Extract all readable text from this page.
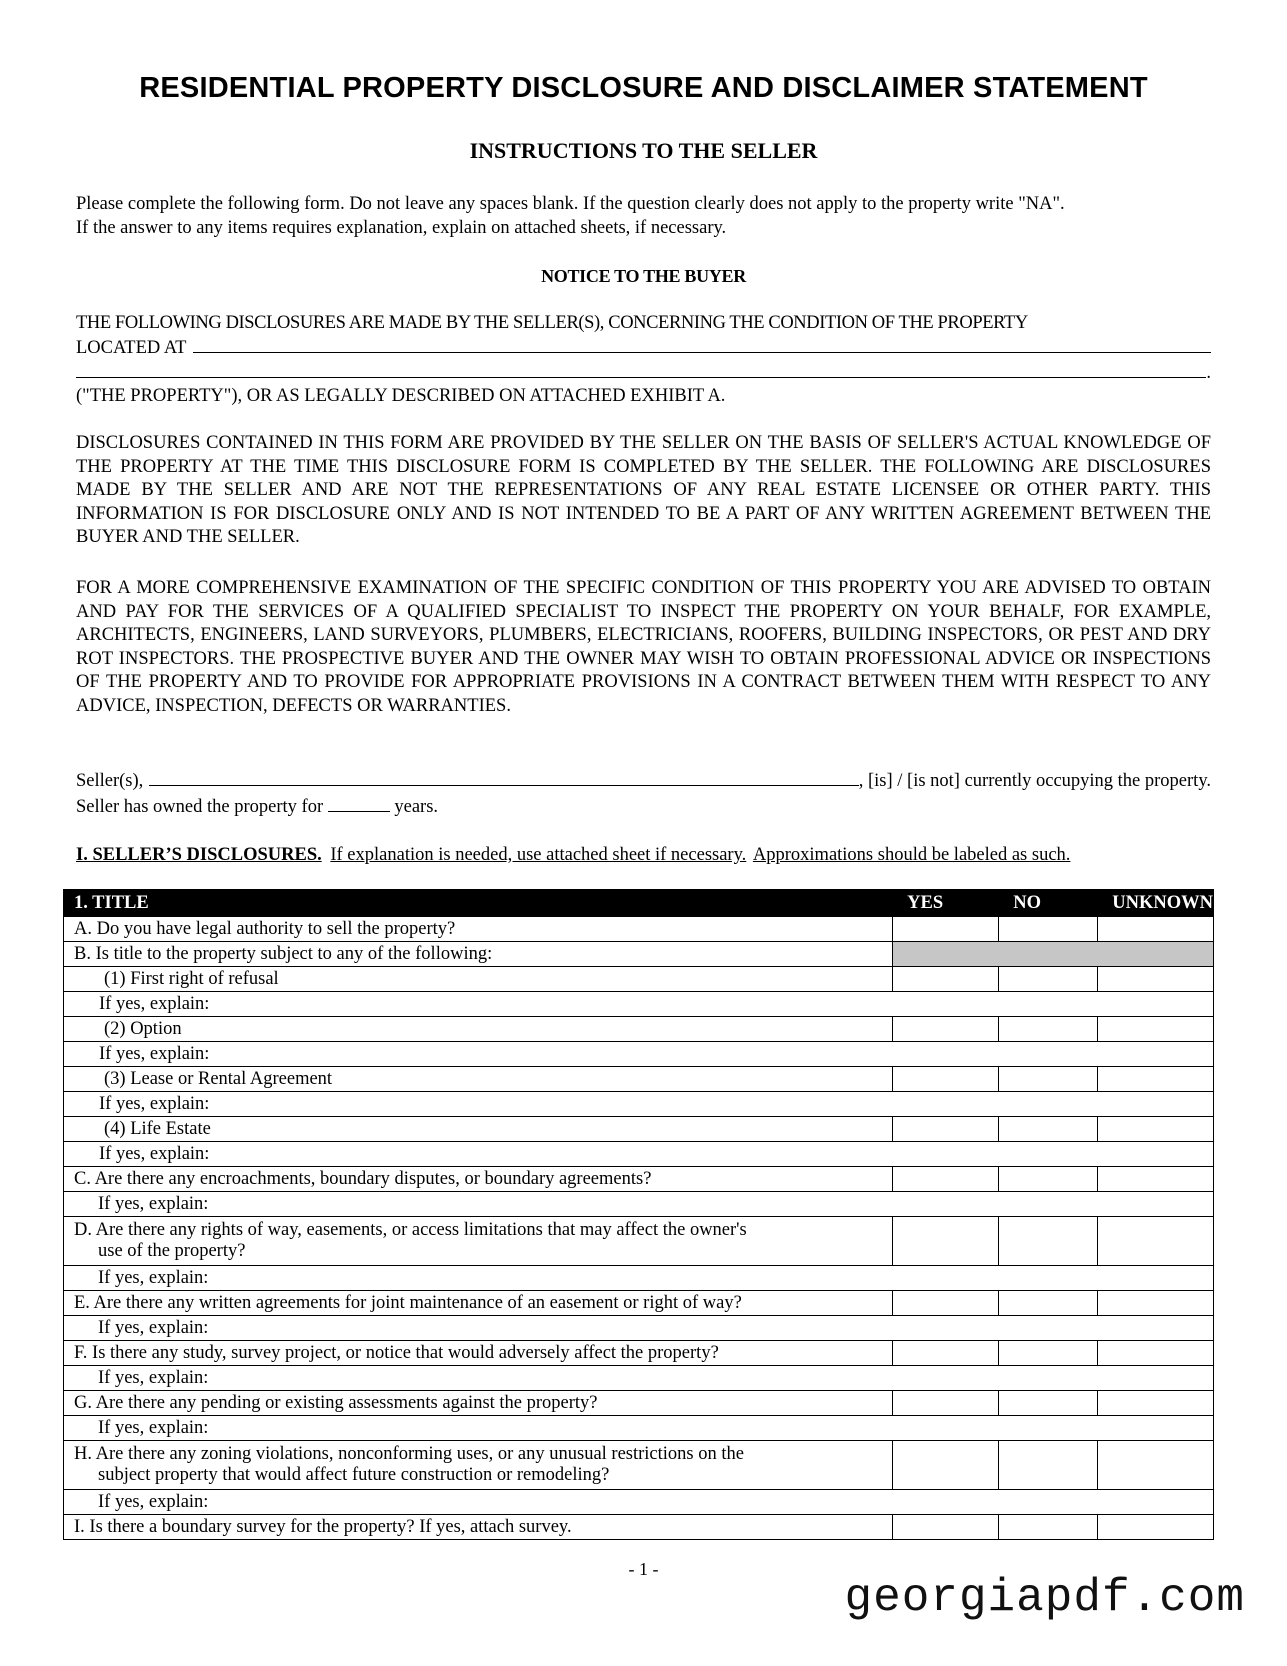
RESIDENTIAL PROPERTY DISCLOSURE AND DISCLAIMER STATEMENT
INSTRUCTIONS TO THE SELLER
Please complete the following form. Do not leave any spaces blank. If the question clearly does not apply to the property write "NA".
If the answer to any items requires explanation, explain on attached sheets, if necessary.
NOTICE TO THE BUYER
THE FOLLOWING DISCLOSURES ARE MADE BY THE SELLER(S), CONCERNING THE CONDITION OF THE PROPERTY
LOCATED AT
.
("THE PROPERTY"), OR AS LEGALLY DESCRIBED ON ATTACHED EXHIBIT A.
DISCLOSURES CONTAINED IN THIS FORM ARE PROVIDED BY THE SELLER ON THE BASIS OF SELLER'S ACTUAL KNOWLEDGE OF THE PROPERTY AT THE TIME THIS DISCLOSURE FORM IS COMPLETED BY THE SELLER. THE FOLLOWING ARE DISCLOSURES MADE BY THE SELLER AND ARE NOT THE REPRESENTATIONS OF ANY REAL ESTATE LICENSEE OR OTHER PARTY. THIS INFORMATION IS FOR DISCLOSURE ONLY AND IS NOT INTENDED TO BE A PART OF ANY WRITTEN AGREEMENT BETWEEN THE BUYER AND THE SELLER.
FOR A MORE COMPREHENSIVE EXAMINATION OF THE SPECIFIC CONDITION OF THIS PROPERTY YOU ARE ADVISED TO OBTAIN AND PAY FOR THE SERVICES OF A QUALIFIED SPECIALIST TO INSPECT THE PROPERTY ON YOUR BEHALF, FOR EXAMPLE, ARCHITECTS, ENGINEERS, LAND SURVEYORS, PLUMBERS, ELECTRICIANS, ROOFERS, BUILDING INSPECTORS, OR PEST AND DRY ROT INSPECTORS. THE PROSPECTIVE BUYER AND THE OWNER MAY WISH TO OBTAIN PROFESSIONAL ADVICE OR INSPECTIONS OF THE PROPERTY AND TO PROVIDE FOR APPROPRIATE PROVISIONS IN A CONTRACT BETWEEN THEM WITH RESPECT TO ANY ADVICE, INSPECTION, DEFECTS OR WARRANTIES.
Seller(s),	, [is] / [is not] currently occupying the property.
Seller has owned the property for	years.
I. SELLER’S DISCLOSURES. If explanation is needed, use attached sheet if necessary. Approximations should be labeled as such.
1. TITLE	YES	NO	UNKNOWN
A. Do you have legal authority to sell the property?			
B. Is title to the property subject to any of the following:			
(1) First right of refusal			
If yes, explain:			
(2) Option			
If yes, explain:			
(3) Lease or Rental Agreement			
If yes, explain:			
(4) Life Estate			
If yes, explain:			
C. Are there any encroachments, boundary disputes, or boundary agreements?			
If yes, explain:			
D. Are there any rights of way, easements, or access limitations that may affect the owner's
use of the property?			

If yes, explain:			
E. Are there any written agreements for joint maintenance of an easement or right of way?			
If yes, explain:			
F. Is there any study, survey project, or notice that would adversely affect the property?			
If yes, explain:			
G. Are there any pending or existing assessments against the property?			
If yes, explain:			
H. Are there any zoning violations, nonconforming uses, or any unusual restrictions on the
subject property that would affect future construction or remodeling?			

If yes, explain:			
I. Is there a boundary survey for the property? If yes, attach survey.			
- 1 -
georgiapdf.com
